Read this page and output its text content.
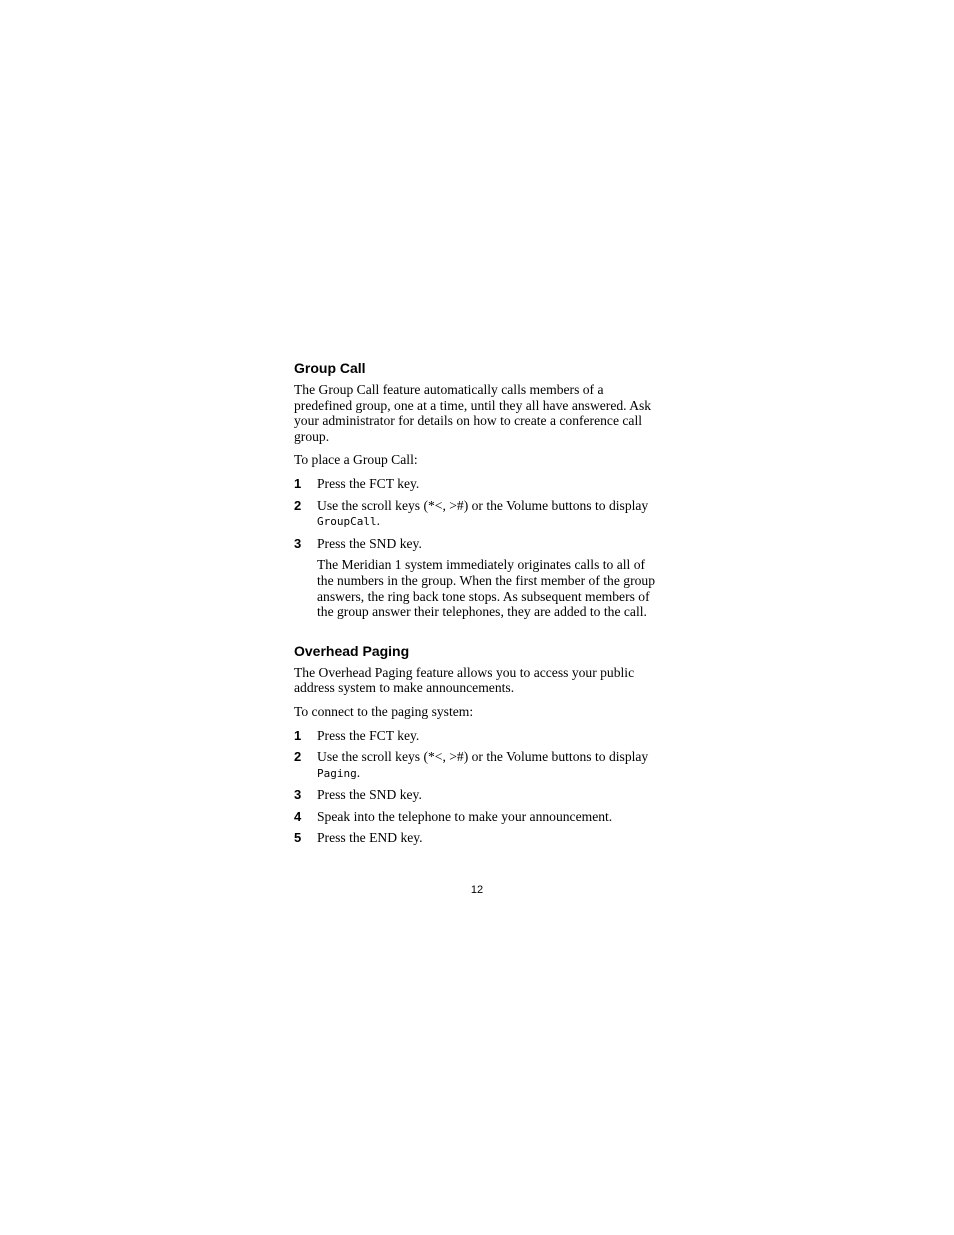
Group Call

The Group Call feature automatically calls members of a predefined group, one at a time, until they all have answered. Ask your administrator for details on how to create a conference call group.

To place a Group Call:

1 Press the FCT key.
2 Use the scroll keys (*<, >#) or the Volume buttons to display
GroupCall.
3 Press the SND key.

The Meridian 1 system immediately originates calls to all of the numbers in the group. When the first member of the group answers, the ring back tone stops. As subsequent members of the group answer their telephones, they are added to the call.

Overhead Paging

The Overhead Paging feature allows you to access your public address system to make announcements.

To connect to the paging system:

1 Press the FCT key.
2 Use the scroll keys (*<, >#) or the Volume buttons to display
Paging.
3 Press the SND key.
4 Speak into the telephone to make your announcement.
5 Press the END key.
12
